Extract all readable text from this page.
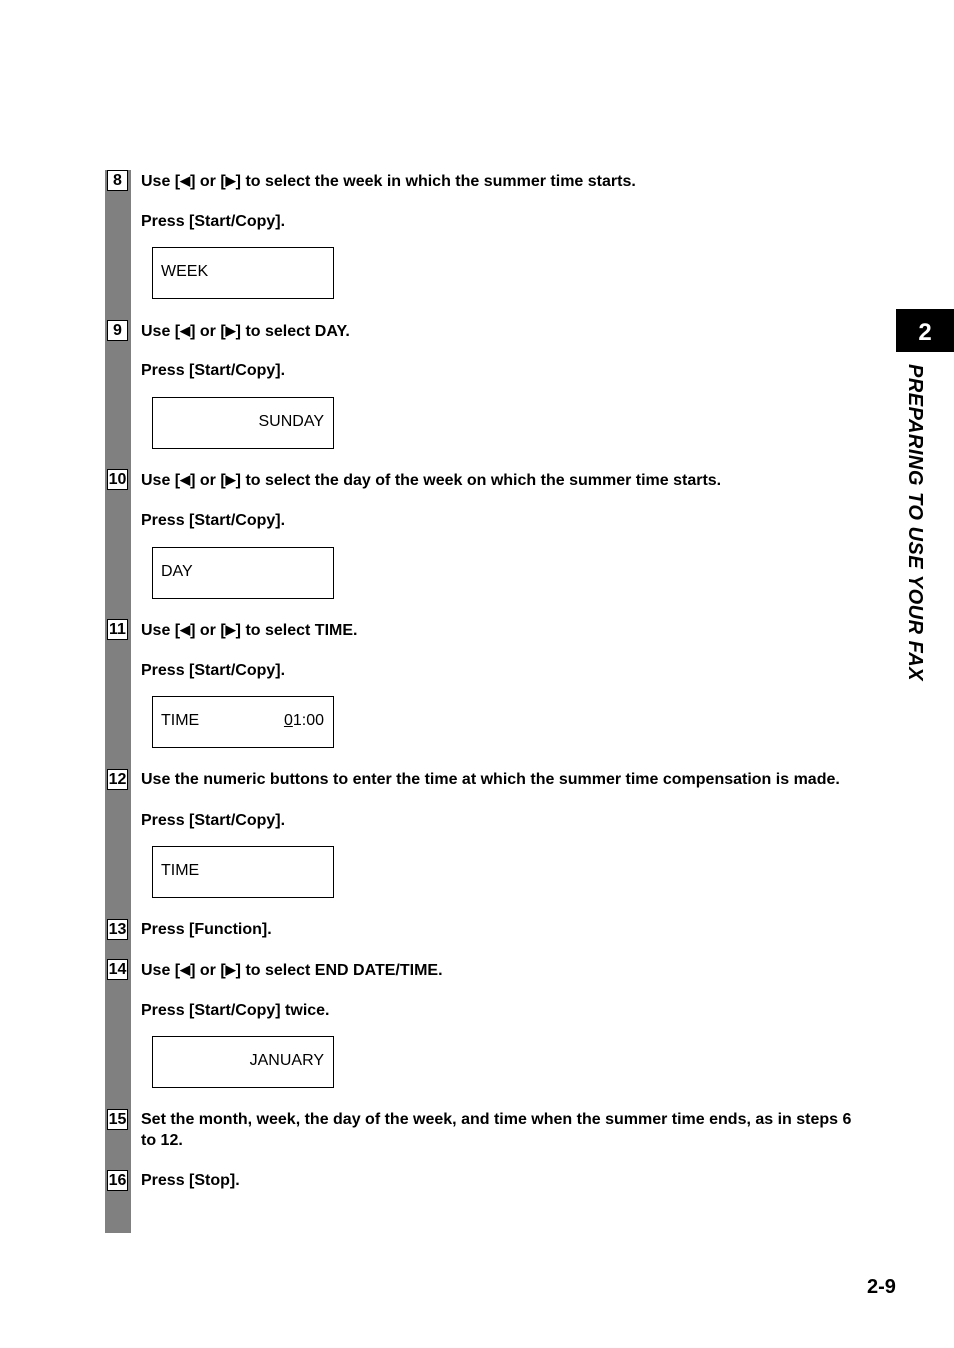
8	Use [◀] or [▶] to select the week in which the summer time starts.
Press [Start/Copy].
WEEK
9	Use [◀] or [▶] to select DAY.
Press [Start/Copy].
SUNDAY
10 Use [◀] or [▶] to select the day of the week on which the summer time starts.
Press [Start/Copy].
DAY
11 Use [◀] or [▶] to select TIME.
Press [Start/Copy].
TIME	01:00
12 Use the numeric buttons to enter the time at which the summer time compensation is made.
Press [Start/Copy].
TIME
13 Press [Function].
14 Use [◀] or [▶] to select END DATE/TIME.
Press [Start/Copy] twice.
JANUARY
15 Set the month, week, the day of the week, and time when the summer time ends, as in steps 6 to 12.
16 Press [Stop].
2
PREPARING TO USE YOUR FAX
2-9
